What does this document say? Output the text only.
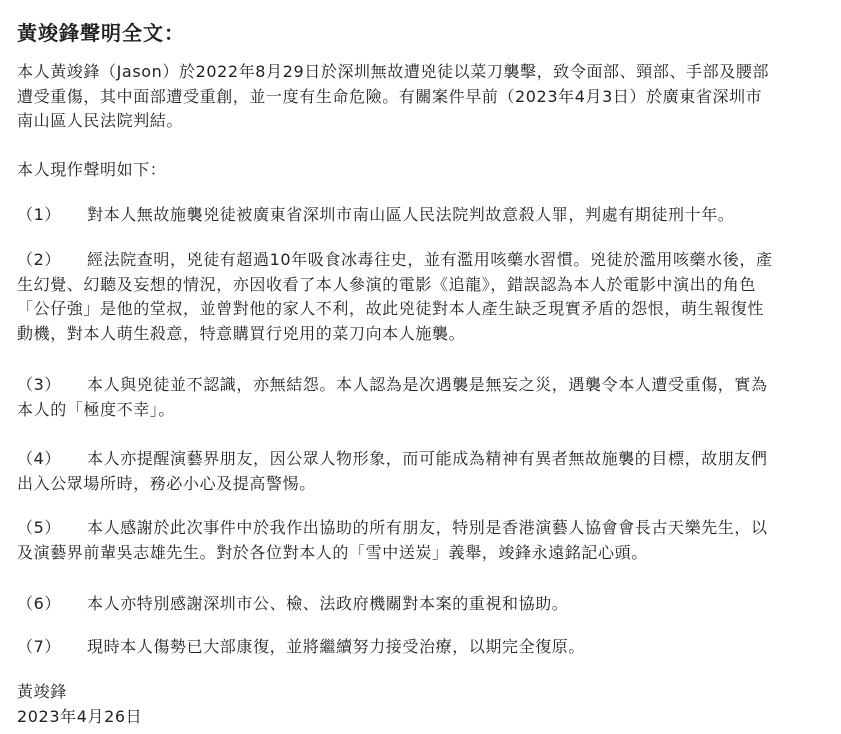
黃竣鋒聲明全文：
本人黃竣鋒（Jason）於2022年8月29日於深圳無故遭兇徒以菜刀襲擊，致令面部、頸部、手部及腰部
遭受重傷，其中面部遭受重創，並一度有生命危險。有關案件早前（2023年4月3日）於廣東省深圳市
南山區人民法院判結。
本人現作聲明如下：
（1） 對本人無故施襲兇徒被廣東省深圳市南山區人民法院判故意殺人罪，判處有期徒刑十年。
（2） 經法院查明，兇徒有超過10年吸食冰毒往史，並有濫用咳藥水習慣。兇徒於濫用咳藥水後，產
生幻覺、幻聽及妄想的情況，亦因收看了本人參演的電影《追龍》，錯誤認為本人於電影中演出的角色
「公仔強」是他的堂叔，並曾對他的家人不利，故此兇徒對本人產生缺乏現實矛盾的怨恨，萌生報復性
動機，對本人萌生殺意，特意購買行兇用的菜刀向本人施襲。
（3） 本人與兇徒並不認識，亦無結怨。本人認為是次遇襲是無妄之災，遇襲令本人遭受重傷，實為
本人的「極度不幸」。
（4） 本人亦提醒演藝界朋友，因公眾人物形象，而可能成為精神有異者無故施襲的目標，故朋友們
出入公眾場所時，務必小心及提高警惕。
（5） 本人感謝於此次事件中於我作出協助的所有朋友，特別是香港演藝人協會會長古天樂先生，以
及演藝界前輩吳志雄先生。對於各位對本人的「雪中送炭」義舉，竣鋒永遠銘記心頭。
（6） 本人亦特別感謝深圳市公、檢、法政府機關對本案的重視和協助。
（7） 現時本人傷勢已大部康復，並將繼續努力接受治療，以期完全復原。
黃竣鋒
2023年4月26日
